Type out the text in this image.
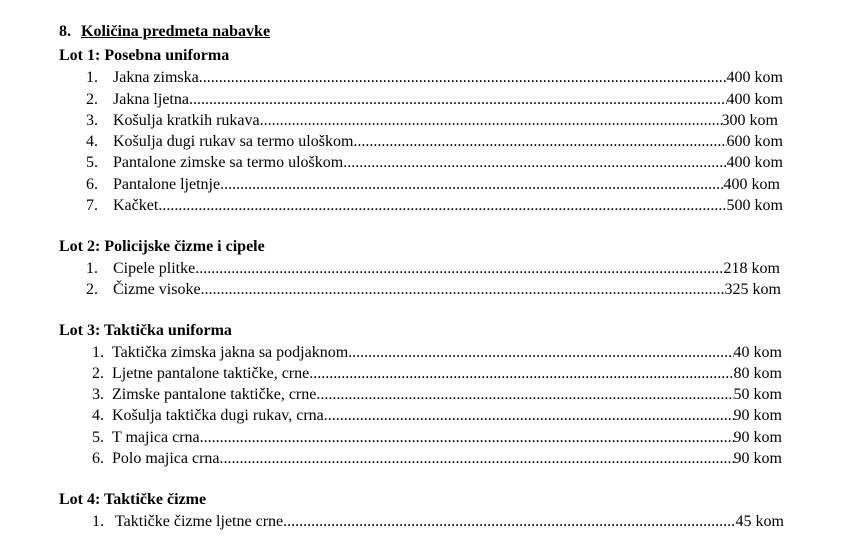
8. Količina predmeta nabavke
Lot 1: Posebna uniforma
1. Jakna zimska .....	400 kom
2. Jakna ljetna .....	400 kom
3. Košulja kratkih rukava .....	300 kom
4. Košulja dugi rukav sa termo uloškom .....	600 kom
5. Pantalone zimske sa termo uloškom .....	400 kom
6. Pantalone ljetnje .....	400 kom
7. Kačket .....	500 kom
Lot 2: Policijske čizme i cipele
1. Cipele plitke .....	218 kom
2. Čizme visoke .....	325 kom
Lot 3: Taktička uniforma
1. Taktička zimska jakna sa podjaknom .....	40 kom
2. Ljetne pantalone taktičke, crne .....	80 kom
3. Zimske pantalone taktičke, crne .....	50 kom
4. Košulja taktička dugi rukav, crna .....	90 kom
5. T majica crna .....	90 kom
6. Polo majica crna .....	90 kom
Lot 4: Taktičke čizme
1. Taktičke čizme ljetne crne .....	45 kom
